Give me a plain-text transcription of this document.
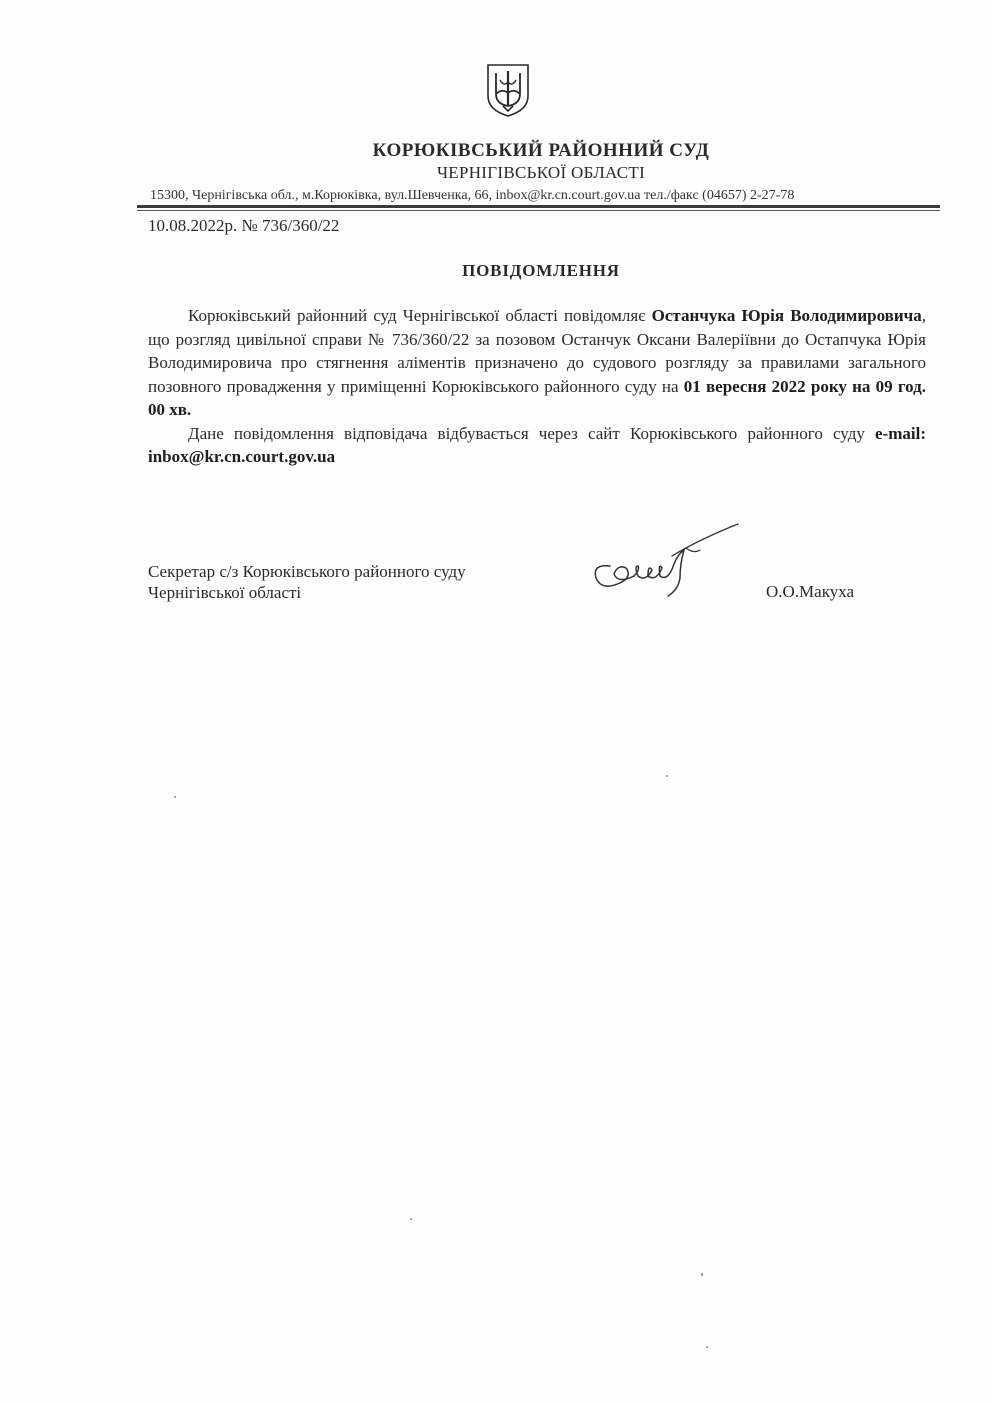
КОРЮКІВСЬКИЙ РАЙОННИЙ СУД
ЧЕРНІГІВСЬКОЇ ОБЛАСТІ
15300, Чернігівська обл., м.Корюківка, вул.Шевченка, 66, inbox@kr.cn.court.gov.ua тел./факс (04657) 2-27-78
10.08.2022р. № 736/360/22
ПОВІДОМЛЕННЯ

Корюківський районний суд Чернігівської області повідомляє Останчука Юрія Володимировича, що розгляд цивільної справи № 736/360/22 за позовом Останчук Оксани Валеріївни до Остапчука Юрія Володимировича про стягнення аліментів призначено до судового розгляду за правилами загального позовного провадження у приміщенні Корюківського районного суду на 01 вересня 2022 року на 09 год. 00 хв.

Дане повідомлення відповідача відбувається через сайт Корюківського районного суду e-mail: inbox@kr.cn.court.gov.ua

Секретар с/з Корюківського районного суду
Чернігівської області	О.О.Макуха
